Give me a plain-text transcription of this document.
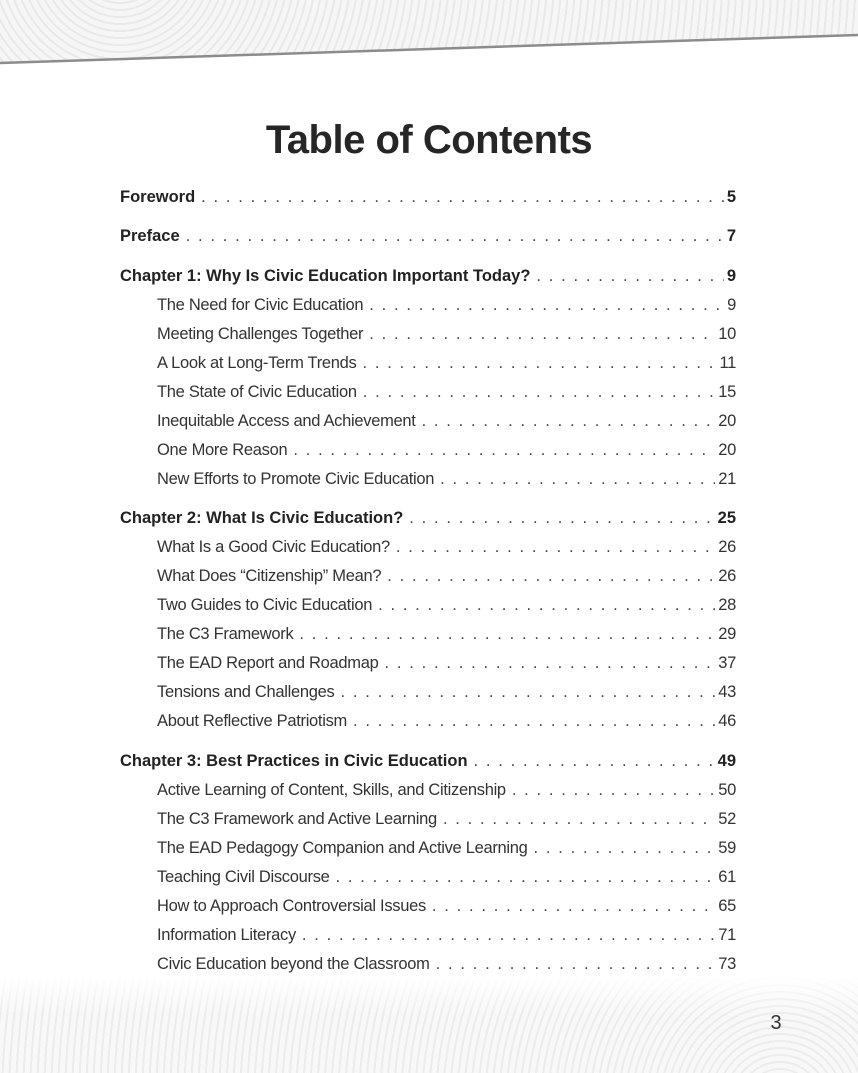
Table of Contents
Foreword . . .	5
Preface . . .	7
Chapter 1: Why Is Civic Education Important Today? . . .	9
The Need for Civic Education . . .	9
Meeting Challenges Together . . .	10
A Look at Long-Term Trends . . .	11
The State of Civic Education . . .	15
Inequitable Access and Achievement . . .	20
One More Reason . . .	20
New Efforts to Promote Civic Education . . .	21
Chapter 2: What Is Civic Education? . . .	25
What Is a Good Civic Education? . . .	26
What Does “Citizenship” Mean? . . .	26
Two Guides to Civic Education . . .	28
The C3 Framework . . .	29
The EAD Report and Roadmap . . .	37
Tensions and Challenges . . .	43
About Reflective Patriotism . . .	46
Chapter 3: Best Practices in Civic Education . . .	49
Active Learning of Content, Skills, and Citizenship . . .	50
The C3 Framework and Active Learning . . .	52
The EAD Pedagogy Companion and Active Learning . . .	59
Teaching Civil Discourse . . .	61
How to Approach Controversial Issues . . .	65
Information Literacy . . .	71
Civic Education beyond the Classroom . . .	73
3
